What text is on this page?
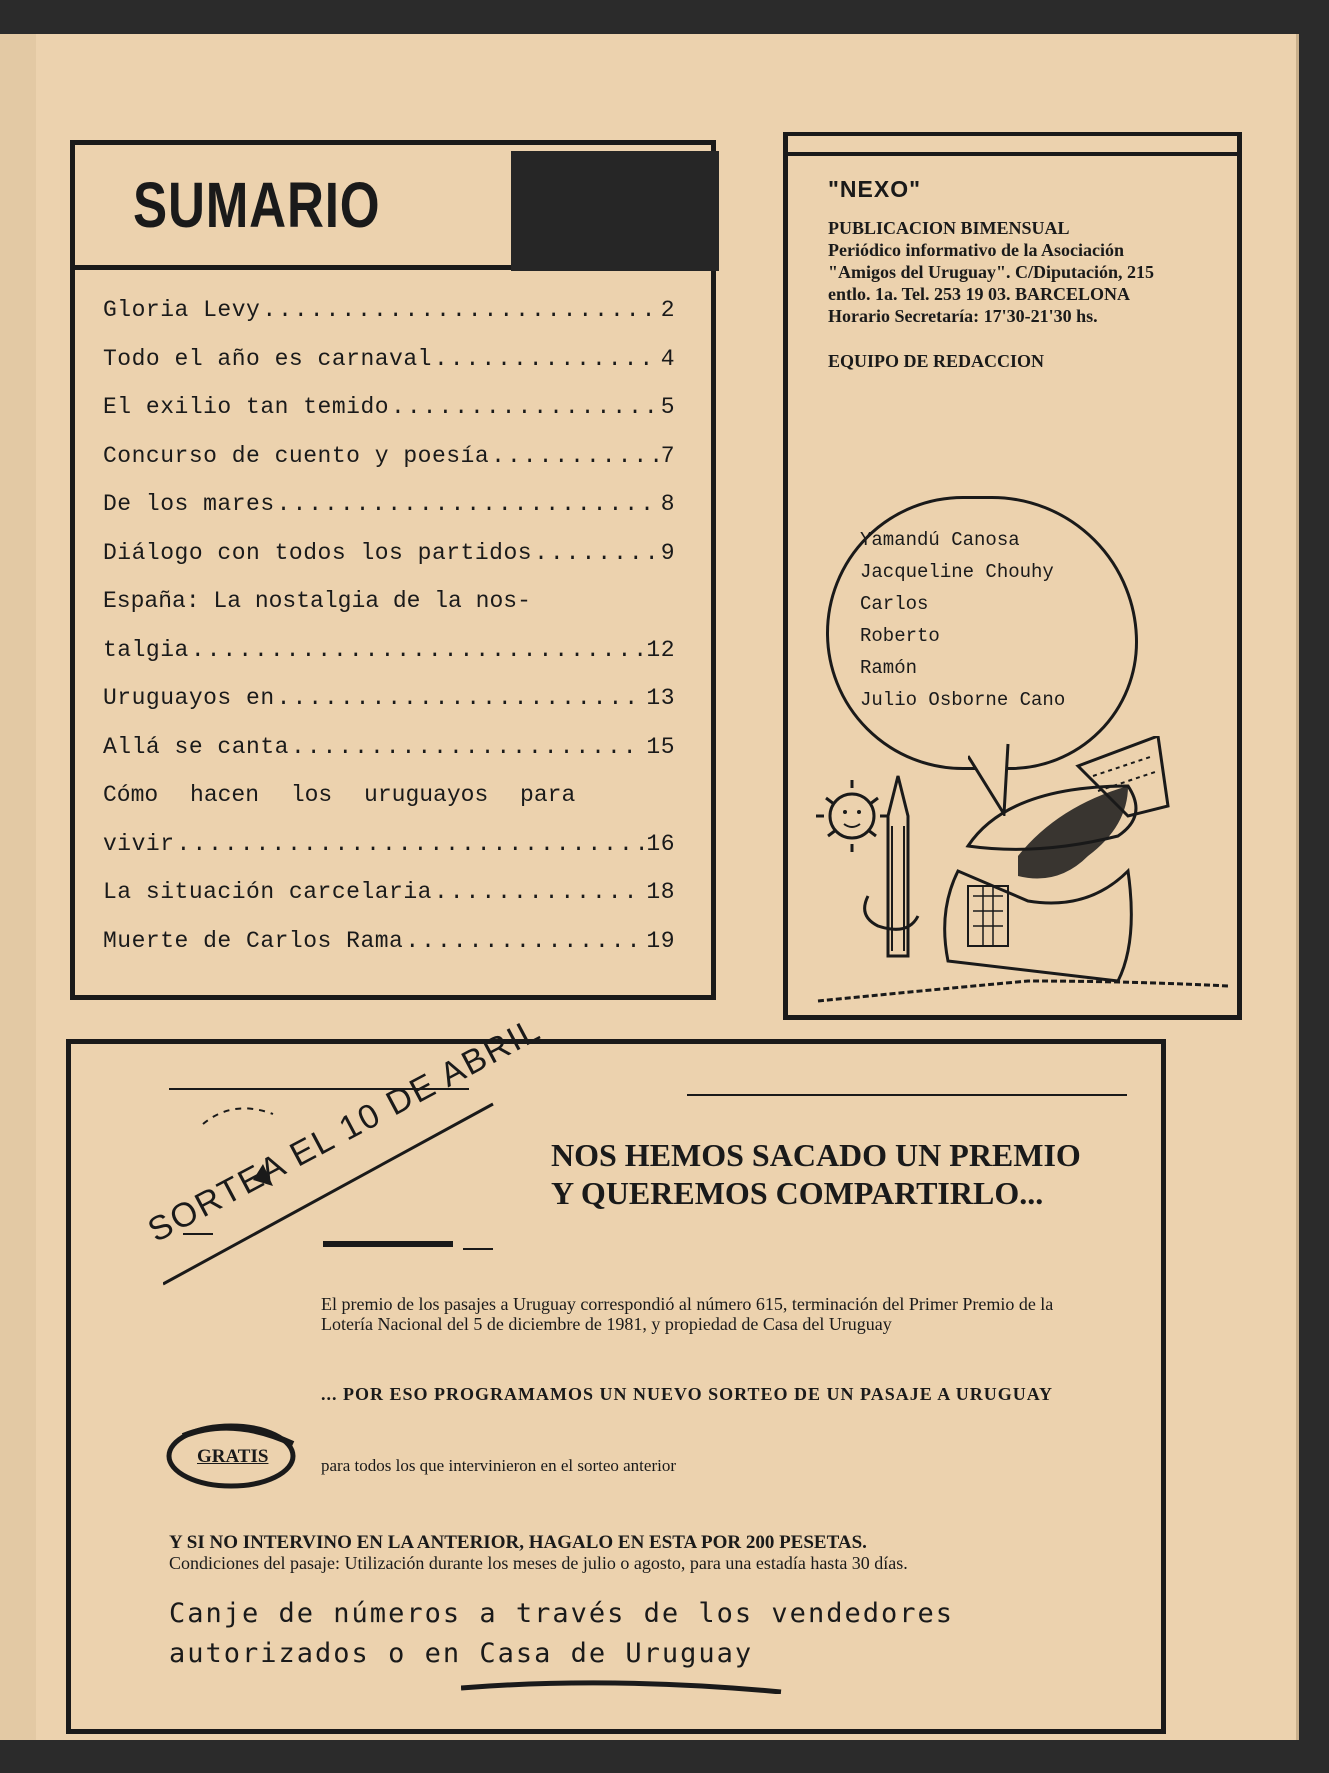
SUMARIO
Gloria Levy .....	2
Todo el año es carnaval .....	4
El exilio tan temido .....	5
Concurso de cuento y poesía .....	7
De los mares .....	8
Diálogo con todos los partidos .....	9
España: La nostalgia de la nos-
talgia .....	12
Uruguayos en .....	13
Allá se canta .....	15
Cómo hacen los uruguayos para
vivir .....	16
La situación carcelaria .....	18
Muerte de Carlos Rama .....	19
"NEXO"
PUBLICACION BIMENSUAL
Periódico informativo de la Asociación
"Amigos del Uruguay". C/Diputación, 215
entlo. 1a. Tel. 253 19 03. BARCELONA
Horario Secretaría: 17'30-21'30 hs.
EQUIPO DE REDACCION
Yamandú Canosa
Jacqueline Chouhy
Carlos
Roberto
Ramón
Julio Osborne Cano
SORTEA EL 10 DE ABRIL NOS HEMOS SACADO UN PREMIO
Y QUEREMOS COMPARTIRLO...
El premio de los pasajes a Uruguay correspondió al número 615, terminación del Primer Premio de la Lotería Nacional del 5 de diciembre de 1981, y propiedad de Casa del Uruguay
... POR ESO PROGRAMAMOS UN NUEVO SORTEO DE UN PASAJE A URUGUAY
GRATIS	para todos los que intervinieron en el sorteo anterior
Y SI NO INTERVINO EN LA ANTERIOR, HAGALO EN ESTA POR 200 PESETAS.
Condiciones del pasaje: Utilización durante los meses de julio o agosto, para una estadía hasta 30 días.
Canje de números a través de los vendedores
autorizados o en Casa de Uruguay
